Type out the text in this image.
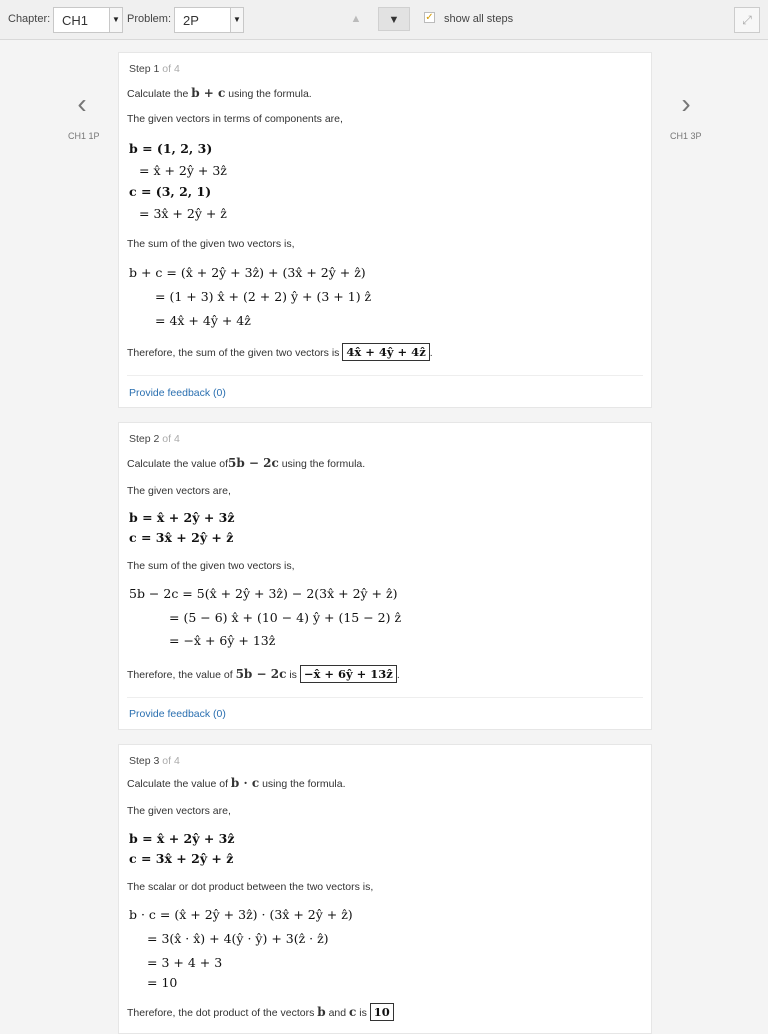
Chapter: CH1	▼ Problem: 2P	▼	▲	▼	✓ show all steps	⤢
‹
CH1 1P
›
CH1 3P
Step 1 of 4
Calculate the b + c using the formula.
The given vectors in terms of components are,
b = (1, 2, 3)
= x̂ + 2ŷ + 3ẑ
c = (3, 2, 1)
= 3x̂ + 2ŷ + ẑ
The sum of the given two vectors is,
b + c = (x̂ + 2ŷ + 3ẑ) + (3x̂ + 2ŷ + ẑ)
= (1 + 3) x̂ + (2 + 2) ŷ + (3 + 1) ẑ
= 4x̂ + 4ŷ + 4ẑ
Therefore, the sum of the given two vectors is 4x̂ + 4ŷ + 4ẑ .
Provide feedback (0)
Step 2 of 4
Calculate the value of5b − 2c using the formula.
The given vectors are,
b = x̂ + 2ŷ + 3ẑ
c = 3x̂ + 2ŷ + ẑ
The sum of the given two vectors is,
5b − 2c = 5(x̂ + 2ŷ + 3ẑ) − 2(3x̂ + 2ŷ + ẑ)
= (5 − 6) x̂ + (10 − 4) ŷ + (15 − 2) ẑ
= −x̂ + 6ŷ + 13ẑ
Therefore, the value of 5b − 2c is −x̂ + 6ŷ + 13ẑ .
Provide feedback (0)
Step 3 of 4
Calculate the value of b · c using the formula.
The given vectors are,
b = x̂ + 2ŷ + 3ẑ
c = 3x̂ + 2ŷ + ẑ
The scalar or dot product between the two vectors is,
b · c = (x̂ + 2ŷ + 3ẑ) · (3x̂ + 2ŷ + ẑ)
= 3(x̂ · x̂) + 4(ŷ · ŷ) + 3(ẑ · ẑ)
= 3 + 4 + 3
= 10
Therefore, the dot product of the vectors b and c is 10
